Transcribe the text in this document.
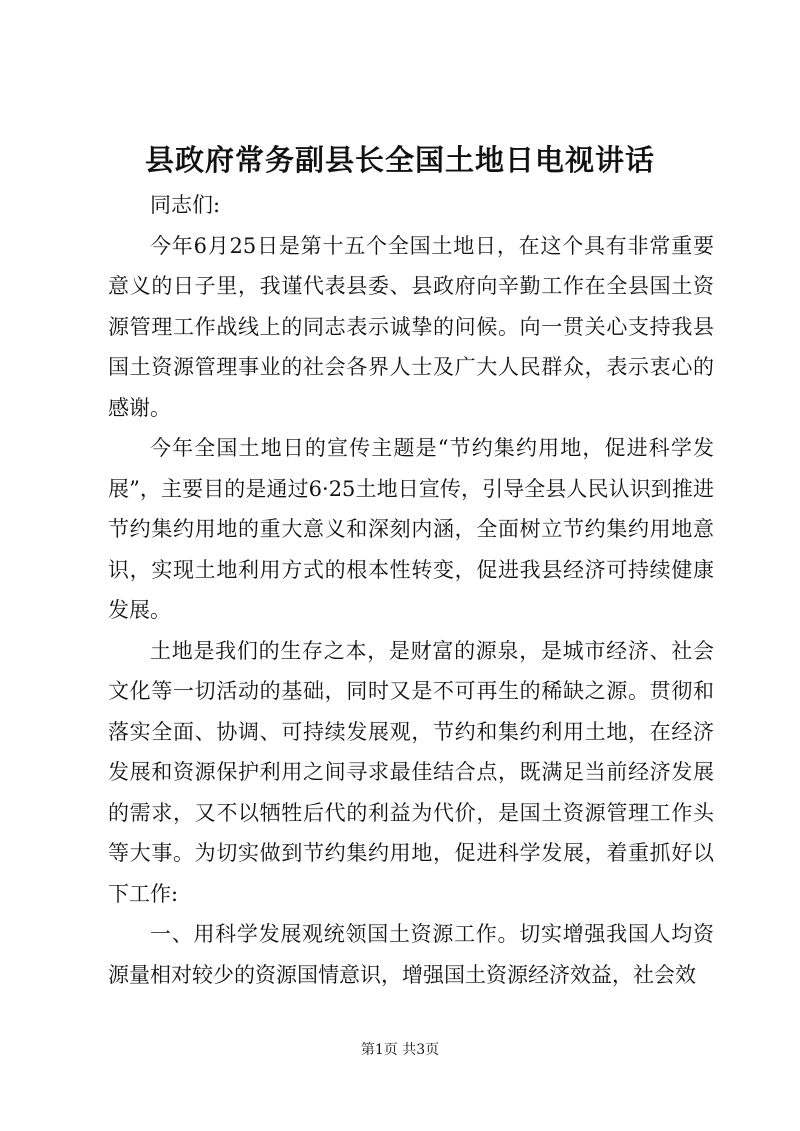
县政府常务副县长全国土地日电视讲话

同志们:

今年6月25日是第十五个全国土地日，在这个具有非常重要意义的日子里，我谨代表县委、县政府向辛勤工作在全县国土资源管理工作战线上的同志表示诚挚的问候。向一贯关心支持我县国土资源管理事业的社会各界人士及广大人民群众，表示衷心的感谢。

今年全国土地日的宣传主题是“节约集约用地，促进科学发展”，主要目的是通过6·25土地日宣传，引导全县人民认识到推进节约集约用地的重大意义和深刻内涵，全面树立节约集约用地意识，实现土地利用方式的根本性转变，促进我县经济可持续健康发展。

土地是我们的生存之本，是财富的源泉，是城市经济、社会文化等一切活动的基础，同时又是不可再生的稀缺之源。贯彻和落实全面、协调、可持续发展观，节约和集约利用土地，在经济发展和资源保护利用之间寻求最佳结合点，既满足当前经济发展的需求，又不以牺牲后代的利益为代价，是国土资源管理工作头等大事。为切实做到节约集约用地，促进科学发展，着重抓好以下工作:

一、用科学发展观统领国土资源工作。切实增强我国人均资源量相对较少的资源国情意识，增强国土资源经济效益，社会效

第1页 共3页
